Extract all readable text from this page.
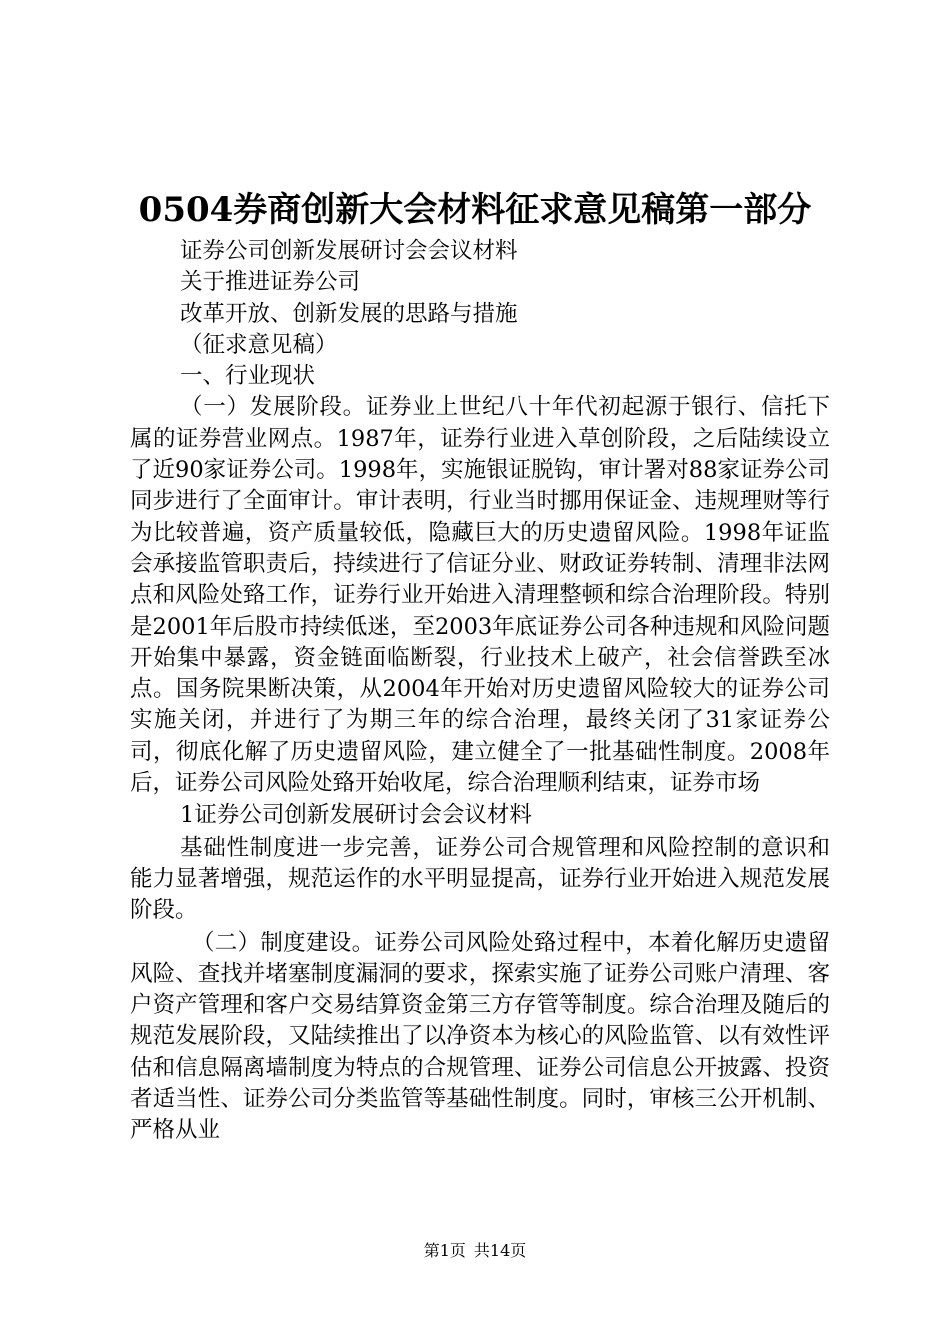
0504券商创新大会材料征求意见稿第一部分
证券公司创新发展研讨会会议材料
关于推进证券公司
改革开放、创新发展的思路与措施
（征求意见稿）
一、行业现状

（一）发展阶段。证券业上世纪八十年代初起源于银行、信托下属的证券营业网点。1987年，证券行业进入草创阶段，之后陆续设立了近90家证券公司。1998年，实施银证脱钩，审计署对88家证券公司同步进行了全面审计。审计表明，行业当时挪用保证金、违规理财等行为比较普遍，资产质量较低，隐藏巨大的历史遗留风险。1998年证监会承接监管职责后，持续进行了信证分业、财政证券转制、清理非法网点和风险处臵工作，证券行业开始进入清理整顿和综合治理阶段。特别是2001年后股市持续低迷，至2003年底证券公司各种违规和风险问题开始集中暴露，资金链面临断裂，行业技术上破产，社会信誉跌至冰点。国务院果断决策，从2004年开始对历史遗留风险较大的证券公司实施关闭，并进行了为期三年的综合治理，最终关闭了31家证券公司，彻底化解了历史遗留风险，建立健全了一批基础性制度。2008年后，证券公司风险处臵开始收尾，综合治理顺利结束，证券市场

1证券公司创新发展研讨会会议材料

基础性制度进一步完善，证券公司合规管理和风险控制的意识和能力显著增强，规范运作的水平明显提高，证券行业开始进入规范发展阶段。

（二）制度建设。证券公司风险处臵过程中，本着化解历史遗留风险、查找并堵塞制度漏洞的要求，探索实施了证券公司账户清理、客户资产管理和客户交易结算资金第三方存管等制度。综合治理及随后的规范发展阶段，又陆续推出了以净资本为核心的风险监管、以有效性评估和信息隔离墙制度为特点的合规管理、证券公司信息公开披露、投资者适当性、证券公司分类监管等基础性制度。同时，审核三公开机制、严格从业

第1页 共14页
